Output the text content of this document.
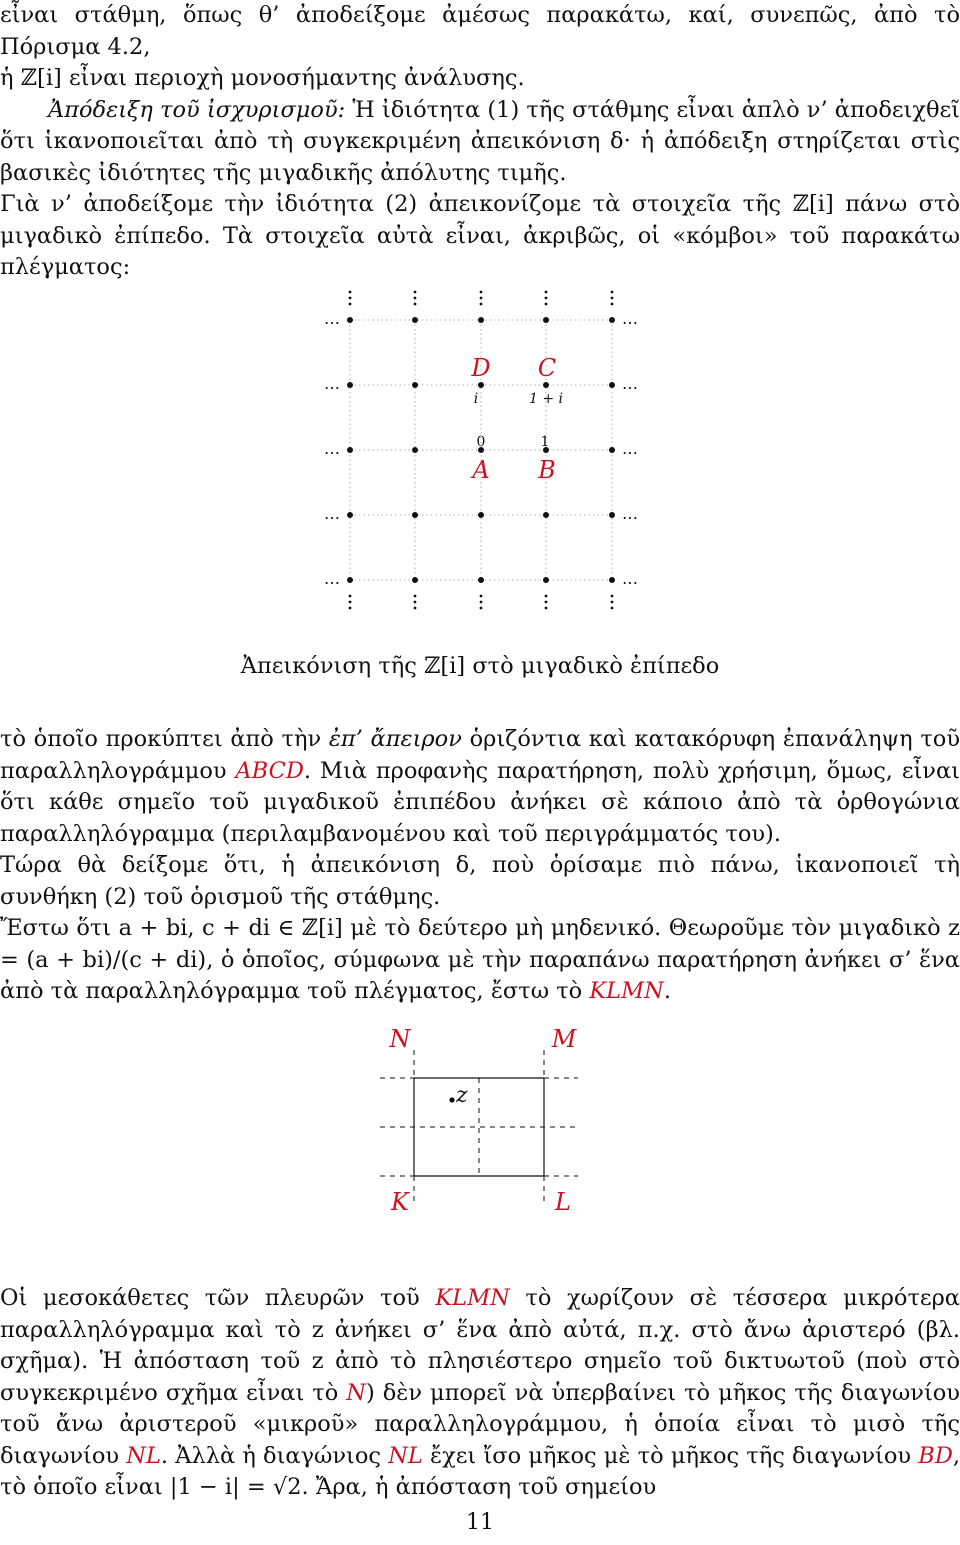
εἶναι στάθμη, ὅπως θ’ ἀποδείξομε ἀμέσως παρακάτω, καί, συνεπῶς, ἀπὸ τὸ Πόρισμα 4.2,
ἡ ℤ[i] εἶναι περιοχὴ μονοσήμαντης ἀνάλυσης.

Ἀπόδειξη τοῦ ἰσχυρισμοῦ: Ἡ ἰδιότητα (1) τῆς στάθμης εἶναι ἁπλὸ ν’ ἀποδειχθεῖ ὅτι ἱκανοποιεῖται ἀπὸ τὴ συγκεκριμένη ἀπεικόνιση δ· ἡ ἀπόδειξη στηρίζεται στὶς βασικὲς ἰδιότητες τῆς μιγαδικῆς ἀπόλυτης τιμῆς.

Γιὰ ν’ ἀποδείξομε τὴν ἰδιότητα (2) ἀπεικονίζομε τὰ στοιχεῖα τῆς ℤ[i] πάνω στὸ μιγαδικὸ ἐπίπεδο. Τὰ στοιχεῖα αὐτὰ εἶναι, ἀκριβῶς, οἱ «κόμβοι» τοῦ παρακάτω πλέγματος:

…	…
…	…
…	…
…	…
…	…
D C
i	1 + i
0	1
A B
Ἀπεικόνιση τῆς ℤ[i] στὸ μιγαδικὸ ἐπίπεδο

τὸ ὁποῖο προκύπτει ἀπὸ τὴν ἐπ’ ἄπειρον ὁριζόντια καὶ κατακόρυφη ἐπανάληψη τοῦ παραλληλογράμμου ABCD. Μιὰ προφανὴς παρατήρηση, πολὺ χρήσιμη, ὅμως, εἶναι ὅτι κάθε σημεῖο τοῦ μιγαδικοῦ ἐπιπέδου ἀνήκει σὲ κάποιο ἀπὸ τὰ ὀρθογώνια παραλληλόγραμμα (περιλαμβανομένου καὶ τοῦ περιγράμματός του).

Τώρα θὰ δείξομε ὅτι, ἡ ἀπεικόνιση δ, ποὺ ὁρίσαμε πιὸ πάνω, ἱκανοποιεῖ τὴ συνθήκη (2) τοῦ ὁρισμοῦ τῆς στάθμης.

Ἔστω ὅτι a + bi, c + di ∈ ℤ[i] μὲ τὸ δεύτερο μὴ μηδενικό. Θεωροῦμε τὸν μιγαδικὸ z = (a + bi)/(c + di), ὁ ὁποῖος, σύμφωνα μὲ τὴν παραπάνω παρατήρηση ἀνήκει σ’ ἕνα ἀπὸ τὰ παραλληλόγραμμα τοῦ πλέγματος, ἔστω τὸ KLMN.

z
N	M
K	L

Οἱ μεσοκάθετες τῶν πλευρῶν τοῦ KLMN τὸ χωρίζουν σὲ τέσσερα μικρότερα παραλληλόγραμμα καὶ τὸ z ἀνήκει σ’ ἕνα ἀπὸ αὐτά, π.χ. στὸ ἄνω ἀριστερό (βλ. σχῆμα). Ἡ ἀπόσταση τοῦ z ἀπὸ τὸ πλησιέστερο σημεῖο τοῦ δικτυωτοῦ (ποὺ στὸ συγκεκριμένο σχῆμα εἶναι τὸ N) δὲν μπορεῖ νὰ ὑπερβαίνει τὸ μῆκος τῆς διαγωνίου τοῦ ἄνω ἀριστεροῦ «μικροῦ» παραλληλογράμμου, ἡ ὁποία εἶναι τὸ μισὸ τῆς διαγωνίου NL. Ἀλλὰ ἡ διαγώνιος NL ἔχει ἴσο μῆκος μὲ τὸ μῆκος τῆς διαγωνίου BD, τὸ ὁποῖο εἶναι |1 − i| = √2. Ἄρα, ἡ ἀπόσταση τοῦ σημείου

11
